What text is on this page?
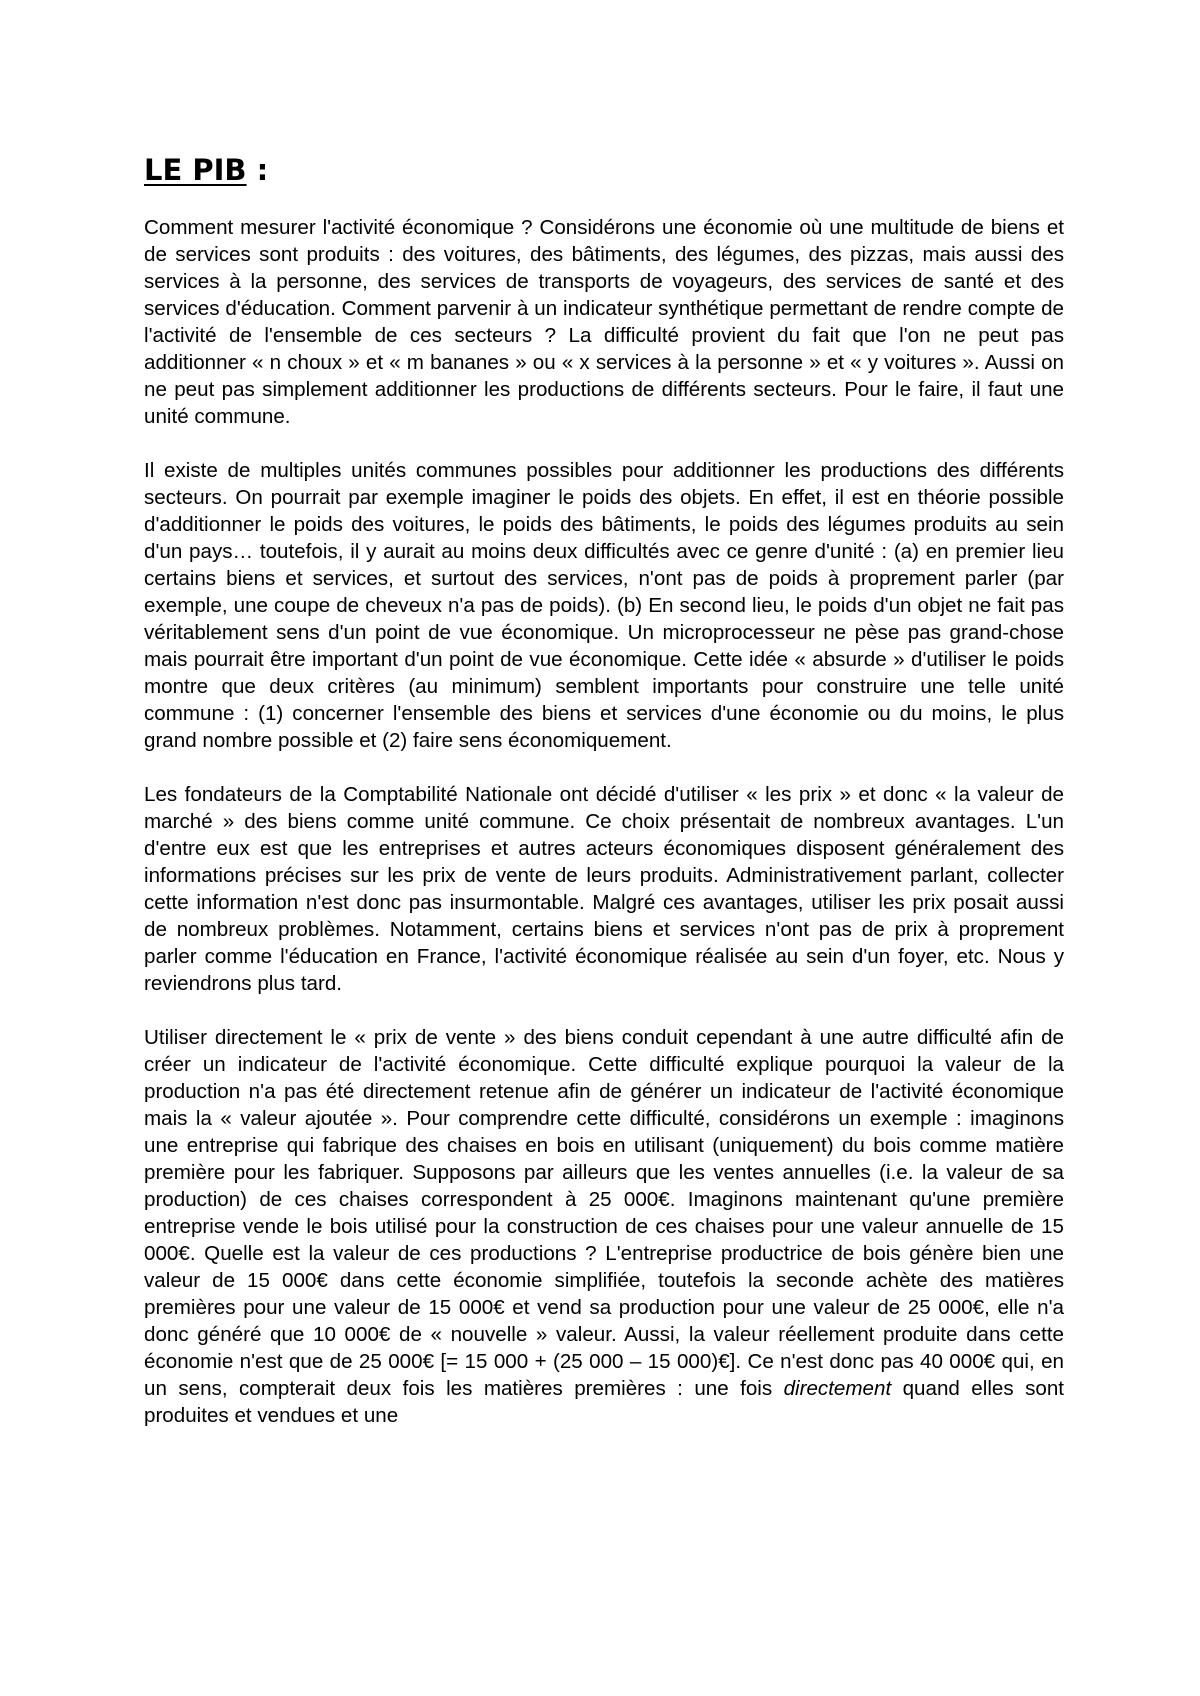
LE PIB :

Comment mesurer l'activité économique ? Considérons une économie où une multitude de biens et de services sont produits : des voitures, des bâtiments, des légumes, des pizzas, mais aussi des services à la personne, des services de transports de voyageurs, des services de santé et des services d'éducation. Comment parvenir à un indicateur synthétique permettant de rendre compte de l'activité de l'ensemble de ces secteurs ? La difficulté provient du fait que l'on ne peut pas additionner « n choux » et « m bananes » ou « x services à la personne » et « y voitures ». Aussi on ne peut pas simplement additionner les productions de différents secteurs. Pour le faire, il faut une unité commune.

Il existe de multiples unités communes possibles pour additionner les productions des différents secteurs. On pourrait par exemple imaginer le poids des objets. En effet, il est en théorie possible d'additionner le poids des voitures, le poids des bâtiments, le poids des légumes produits au sein d'un pays… toutefois, il y aurait au moins deux difficultés avec ce genre d'unité : (a) en premier lieu certains biens et services, et surtout des services, n'ont pas de poids à proprement parler (par exemple, une coupe de cheveux n'a pas de poids). (b) En second lieu, le poids d'un objet ne fait pas véritablement sens d'un point de vue économique. Un microprocesseur ne pèse pas grand-chose mais pourrait être important d'un point de vue économique. Cette idée « absurde » d'utiliser le poids montre que deux critères (au minimum) semblent importants pour construire une telle unité commune : (1) concerner l'ensemble des biens et services d'une économie ou du moins, le plus grand nombre possible et (2) faire sens économiquement.

Les fondateurs de la Comptabilité Nationale ont décidé d'utiliser « les prix » et donc « la valeur de marché » des biens comme unité commune. Ce choix présentait de nombreux avantages. L'un d'entre eux est que les entreprises et autres acteurs économiques disposent généralement des informations précises sur les prix de vente de leurs produits. Administrativement parlant, collecter cette information n'est donc pas insurmontable. Malgré ces avantages, utiliser les prix posait aussi de nombreux problèmes. Notamment, certains biens et services n'ont pas de prix à proprement parler comme l'éducation en France, l'activité économique réalisée au sein d'un foyer, etc. Nous y reviendrons plus tard.

Utiliser directement le « prix de vente » des biens conduit cependant à une autre difficulté afin de créer un indicateur de l'activité économique. Cette difficulté explique pourquoi la valeur de la production n'a pas été directement retenue afin de générer un indicateur de l'activité économique mais la « valeur ajoutée ». Pour comprendre cette difficulté, considérons un exemple : imaginons une entreprise qui fabrique des chaises en bois en utilisant (uniquement) du bois comme matière première pour les fabriquer. Supposons par ailleurs que les ventes annuelles (i.e. la valeur de sa production) de ces chaises correspondent à 25 000€. Imaginons maintenant qu'une première entreprise vende le bois utilisé pour la construction de ces chaises pour une valeur annuelle de 15 000€. Quelle est la valeur de ces productions ? L'entreprise productrice de bois génère bien une valeur de 15 000€ dans cette économie simplifiée, toutefois la seconde achète des matières premières pour une valeur de 15 000€ et vend sa production pour une valeur de 25 000€, elle n'a donc généré que 10 000€ de « nouvelle » valeur. Aussi, la valeur réellement produite dans cette économie n'est que de 25 000€ [= 15 000 + (25 000 – 15 000)€]. Ce n'est donc pas 40 000€ qui, en un sens, compterait deux fois les matières premières : une fois directement quand elles sont produites et vendues et une
